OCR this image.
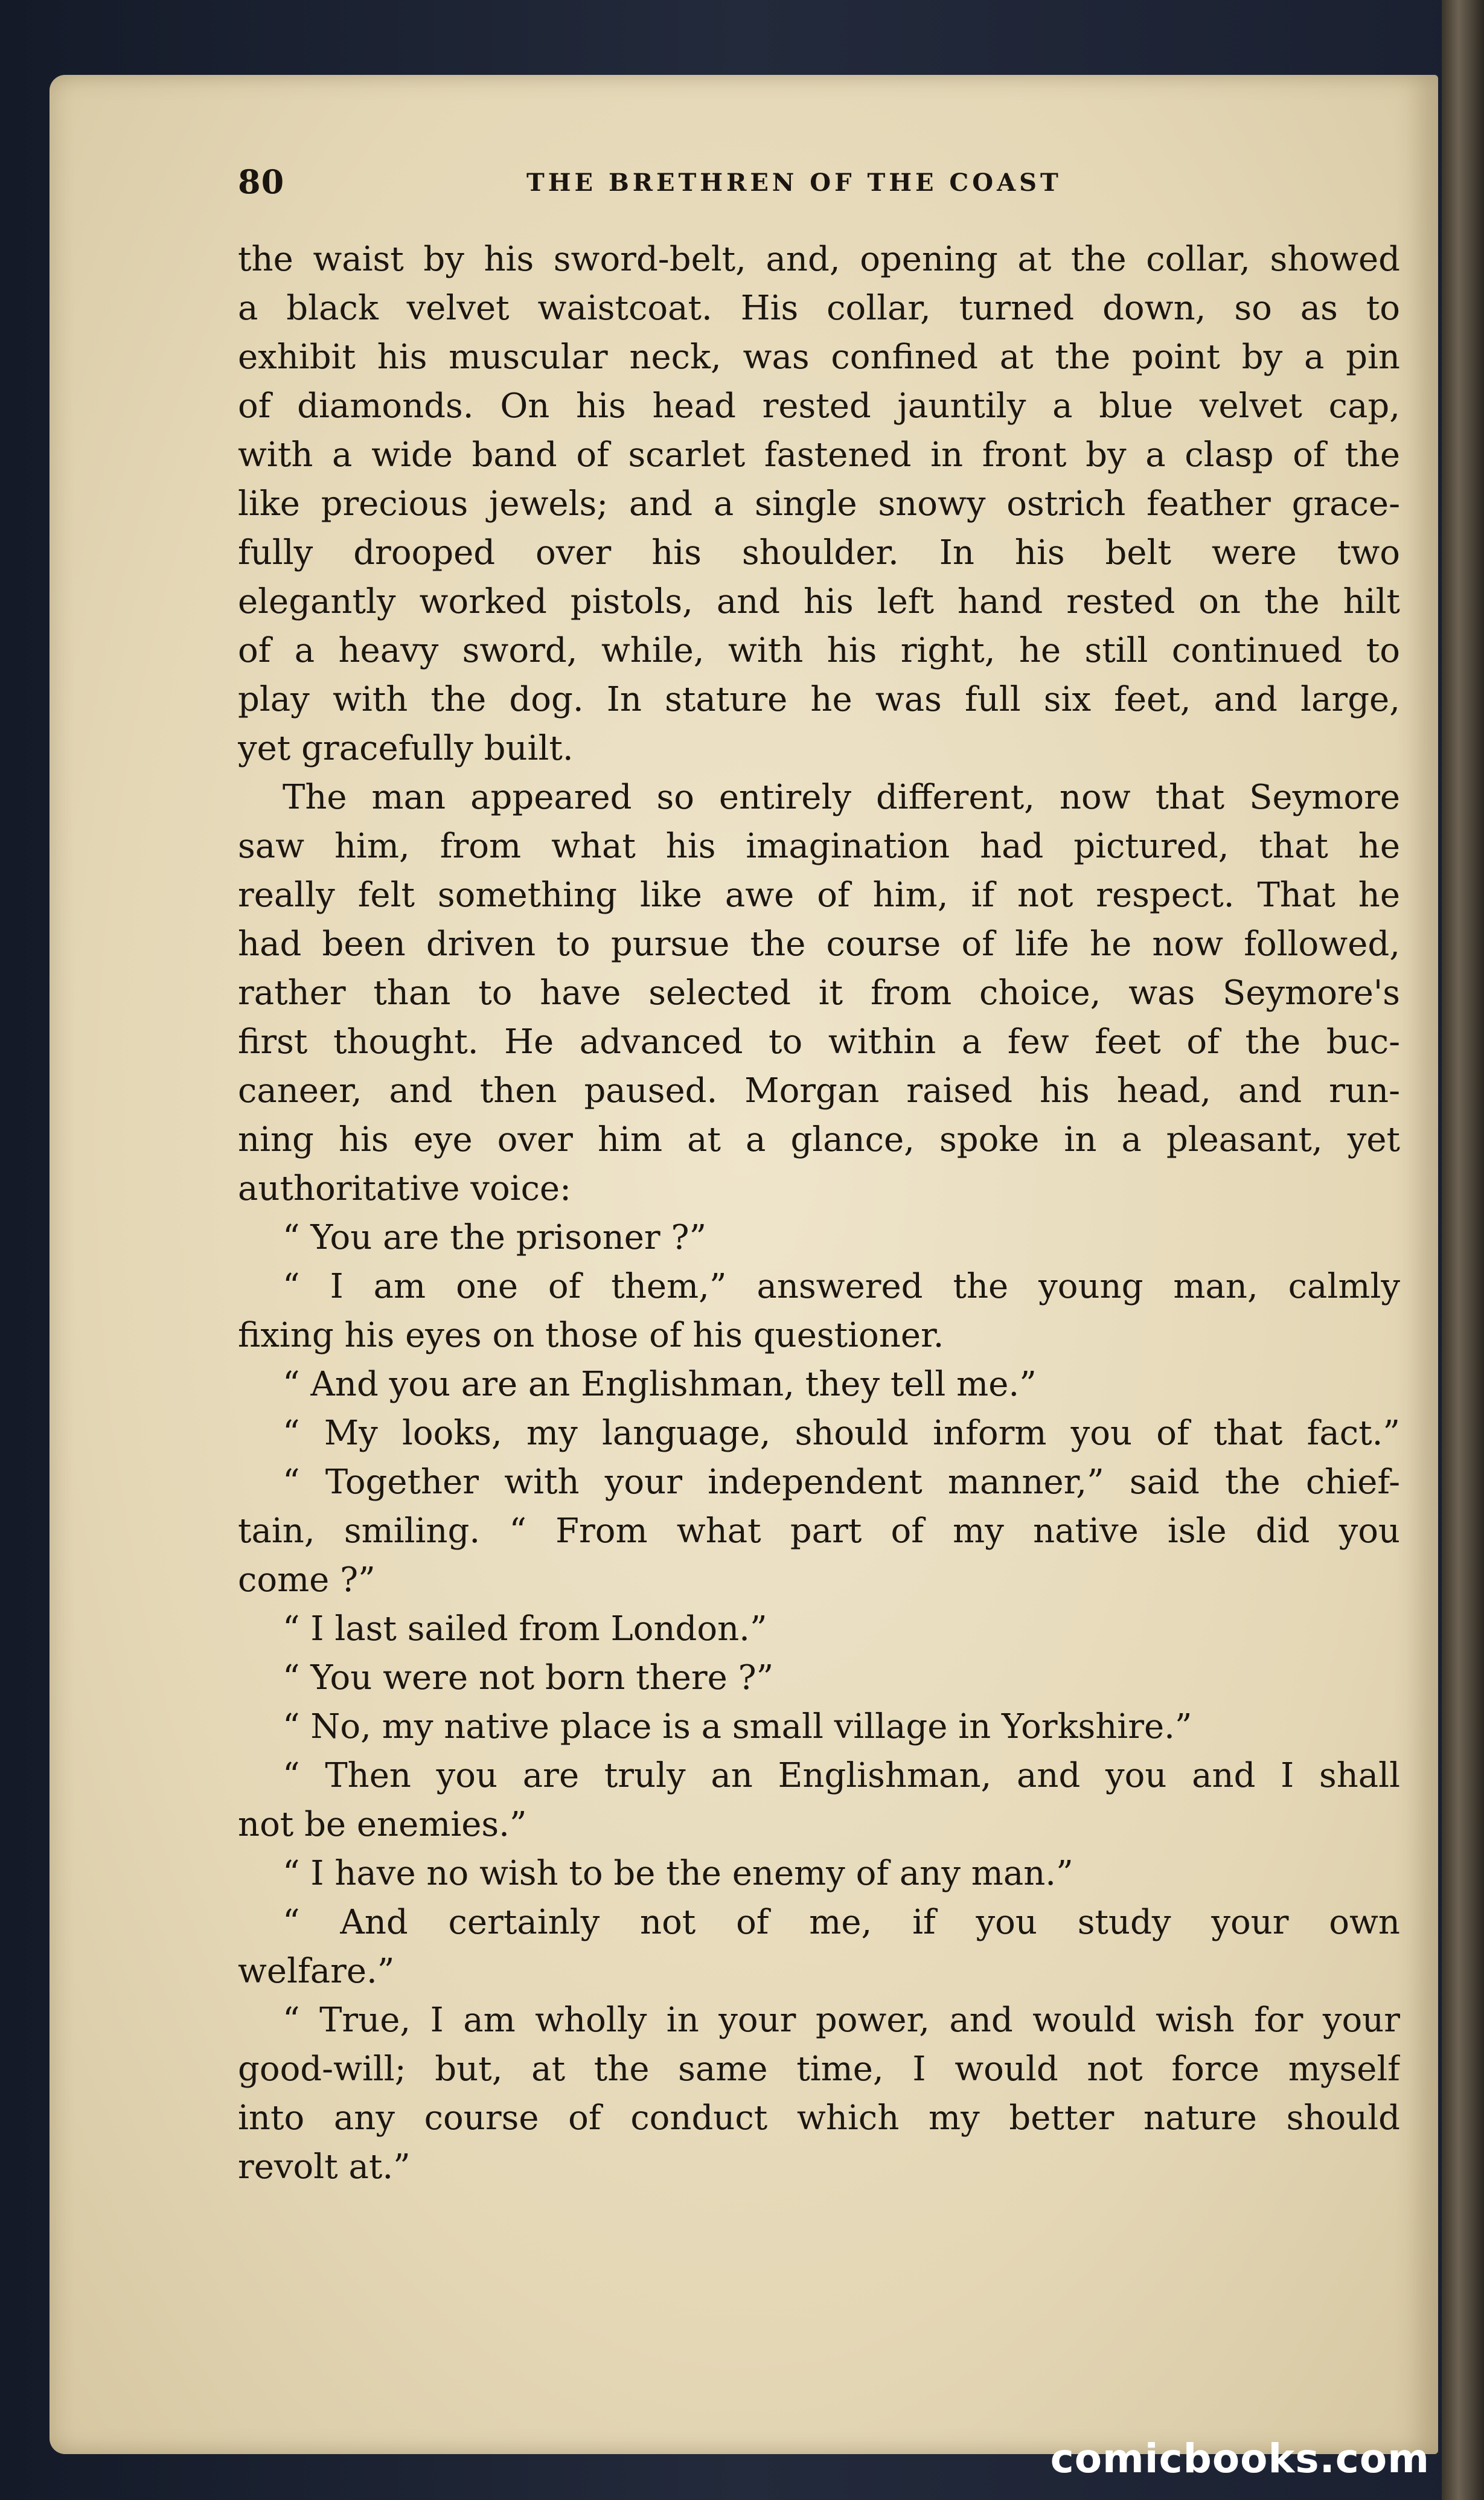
80	THE BRETHREN OF THE COAST
the waist by his sword-belt, and, opening at the collar, showed
a black velvet waistcoat. His collar, turned down, so as to
exhibit his muscular neck, was confined at the point by a pin
of diamonds. On his head rested jauntily a blue velvet cap,
with a wide band of scarlet fastened in front by a clasp of the
like precious jewels; and a single snowy ostrich feather grace-
fully drooped over his shoulder. In his belt were two
elegantly worked pistols, and his left hand rested on the hilt
of a heavy sword, while, with his right, he still continued to
play with the dog. In stature he was full six feet, and large,
yet gracefully built.
The man appeared so entirely different, now that Seymore
saw him, from what his imagination had pictured, that he
really felt something like awe of him, if not respect. That he
had been driven to pursue the course of life he now followed,
rather than to have selected it from choice, was Seymore's
first thought. He advanced to within a few feet of the buc-
caneer, and then paused. Morgan raised his head, and run-
ning his eye over him at a glance, spoke in a pleasant, yet
authoritative voice:
“ You are the prisoner ?”
“ I am one of them,” answered the young man, calmly
fixing his eyes on those of his questioner.
“ And you are an Englishman, they tell me.”
“ My looks, my language, should inform you of that fact.”
“ Together with your independent manner,” said the chief-
tain, smiling. “ From what part of my native isle did you
come ?”
“ I last sailed from London.”
“ You were not born there ?”
“ No, my native place is a small village in Yorkshire.”
“ Then you are truly an Englishman, and you and I shall
not be enemies.”
“ I have no wish to be the enemy of any man.”
“ And certainly not of me, if you study your own
welfare.”
“ True, I am wholly in your power, and would wish for your
good-will; but, at the same time, I would not force myself
into any course of conduct which my better nature should
revolt at.”
comicbooks.com
